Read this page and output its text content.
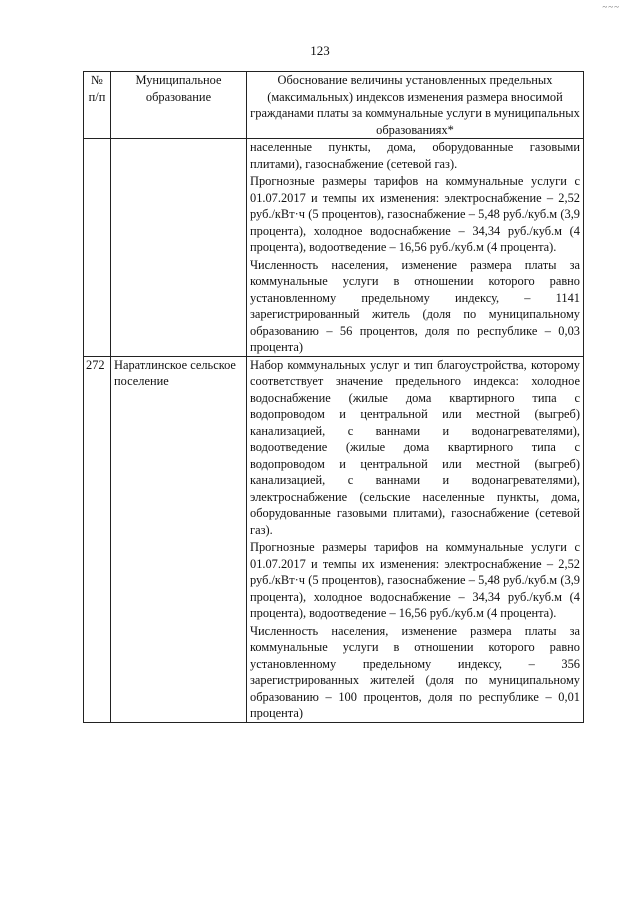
~~~
123
№ п/п	Муниципальное образование	Обоснование величины установленных предельных (максимальных) индексов изменения размера вносимой гражданами платы за коммунальные услуги в муниципальных образованиях*

		населенные пункты, дома, оборудованные газовыми плитами), газоснабжение (сетевой газ).

Прогнозные размеры тарифов на коммунальные услуги с 01.07.2017 и темпы их изменения: электроснабжение – 2,52 руб./кВт·ч (5 процентов), газоснабжение – 5,48 руб./куб.м (3,9 процента), холодное водоснабжение – 34,34 руб./куб.м (4 процента), водоотведение – 16,56 руб./куб.м (4 процента).

Численность населения, изменение размера платы за коммунальные услуги в отношении которого равно установленному предельному индексу, – 1141 зарегистрированный житель (доля по муниципальному образованию – 56 процентов, доля по республике – 0,03 процента)

272	Наратлинское сельское поселение	Набор коммунальных услуг и тип благоустройства, которому соответствует значение предельного индекса: холодное водоснабжение (жилые дома квартирного типа с водопроводом и центральной или местной (выгреб) канализацией, с ваннами и водонагревателями), водоотведение (жилые дома квартирного типа с водопроводом и центральной или местной (выгреб) канализацией, с ваннами и водонагревателями), электроснабжение (сельские населенные пункты, дома, оборудованные газовыми плитами), газоснабжение (сетевой газ).

Прогнозные размеры тарифов на коммунальные услуги с 01.07.2017 и темпы их изменения: электроснабжение – 2,52 руб./кВт·ч (5 процентов), газоснабжение – 5,48 руб./куб.м (3,9 процента), холодное водоснабжение – 34,34 руб./куб.м (4 процента), водоотведение – 16,56 руб./куб.м (4 процента).

Численность населения, изменение размера платы за коммунальные услуги в отношении которого равно установленному предельному индексу, – 356 зарегистрированных жителей (доля по муниципальному образованию – 100 процентов, доля по республике – 0,01 процента)
